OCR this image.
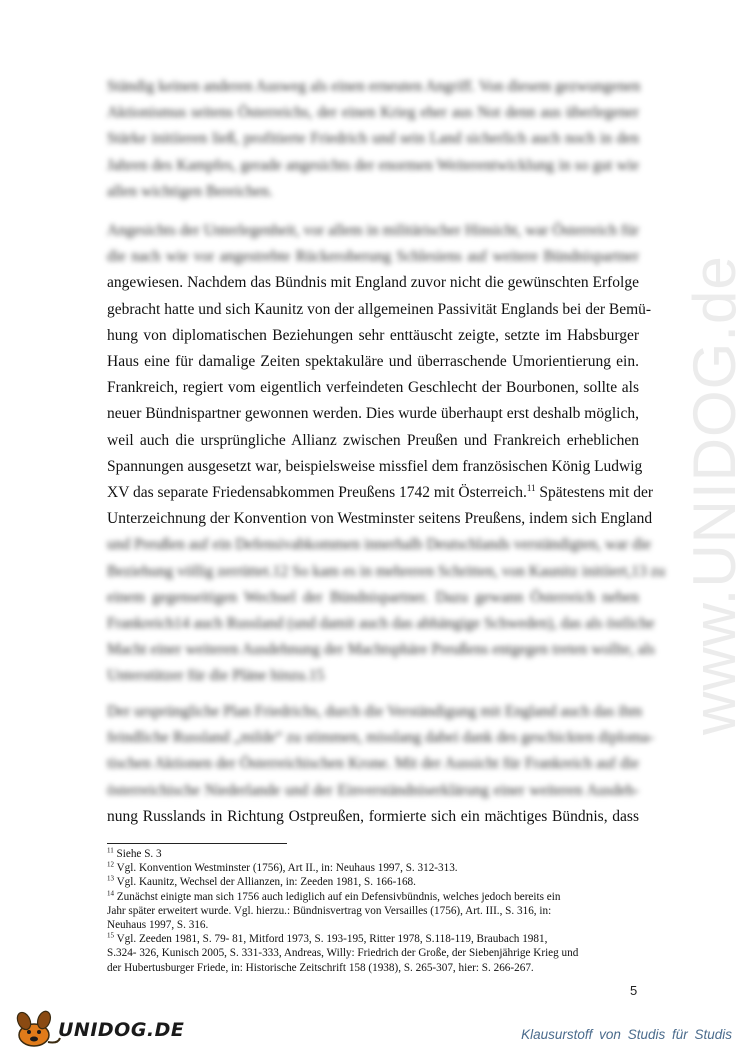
www.UNIDOG.de
Ständig keinen anderen Ausweg als einen erneuten Angriff. Von diesem gezwungenen
Aktionismus seitens Österreichs, der einen Krieg eher aus Not denn aus überlegener
Stärke initiieren ließ, profitierte Friedrich und sein Land sicherlich auch noch in den
Jahren des Kampfes, gerade angesichts der enormen Weiterentwicklung in so gut wie
allen wichtigen Bereichen.
Angesichts der Unterlegenheit, vor allem in militärischer Hinsicht, war Österreich für
die nach wie vor angestrebte Rückeroberung Schlesiens auf weitere Bündnispartner
angewiesen. Nachdem das Bündnis mit England zuvor nicht die gewünschten Erfolge
gebracht hatte und sich Kaunitz von der allgemeinen Passivität Englands bei der Bemü-
hung von diplomatischen Beziehungen sehr enttäuscht zeigte, setzte im Habsburger
Haus eine für damalige Zeiten spektakuläre und überraschende Umorientierung ein.
Frankreich, regiert vom eigentlich verfeindeten Geschlecht der Bourbonen, sollte als
neuer Bündnispartner gewonnen werden. Dies wurde überhaupt erst deshalb möglich,
weil auch die ursprüngliche Allianz zwischen Preußen und Frankreich erheblichen
Spannungen ausgesetzt war, beispielsweise missfiel dem französischen König Ludwig
XV das separate Friedensabkommen Preußens 1742 mit Österreich.$^{11}$ Spätestens mit der
Unterzeichnung der Konvention von Westminster seitens Preußens, indem sich England
und Preußen auf ein Defensivabkommen innerhalb Deutschlands verständigten, war die
Beziehung völlig zerrüttet.12 So kam es in mehreren Schritten, von Kaunitz initiiert,13 zu
einem gegenseitigen Wechsel der Bündnispartner. Dazu gewann Österreich neben
Frankreich14 auch Russland (und damit auch das abhängige Schweden), das als östliche
Macht einer weiteren Ausdehnung der Machtsphäre Preußens entgegen treten wollte, als
Unterstützer für die Pläne hinzu.15
Der ursprüngliche Plan Friedrichs, durch die Verständigung mit England auch das ihm
feindliche Russland „milde“ zu stimmen, misslang dabei dank des geschickten diploma-
tischen Aktionen der Österreichischen Krone. Mit der Aussicht für Frankreich auf die
österreichische Niederlande und der Einverständniserklärung einer weiteren Ausdeh-
nung Russlands in Richtung Ostpreußen, formierte sich ein mächtiges Bündnis, dass
$^{11}$ Siehe S. 3
$^{12}$ Vgl. Konvention Westminster (1756), Art II., in: Neuhaus 1997, S. 312-313.
$^{13}$ Vgl. Kaunitz, Wechsel der Allianzen, in: Zeeden 1981, S. 166-168.
$^{14}$ Zunächst einigte man sich 1756 auch lediglich auf ein Defensivbündnis, welches jedoch bereits ein
Jahr später erweitert wurde. Vgl. hierzu.: Bündnisvertrag von Versailles (1756), Art. III., S. 316, in:
Neuhaus 1997, S. 316.
$^{15}$ Vgl. Zeeden 1981, S. 79- 81, Mitford 1973, S. 193-195, Ritter 1978, S.118-119, Braubach 1981,
S.324- 326, Kunisch 2005, S. 331-333, Andreas, Willy: Friedrich der Große, der Siebenjährige Krieg und
der Hubertusburger Friede, in: Historische Zeitschrift 158 (1938), S. 265-307, hier: S. 266-267.
5
UNIDOG.DE	Klausurstoff von Studis für Studis
